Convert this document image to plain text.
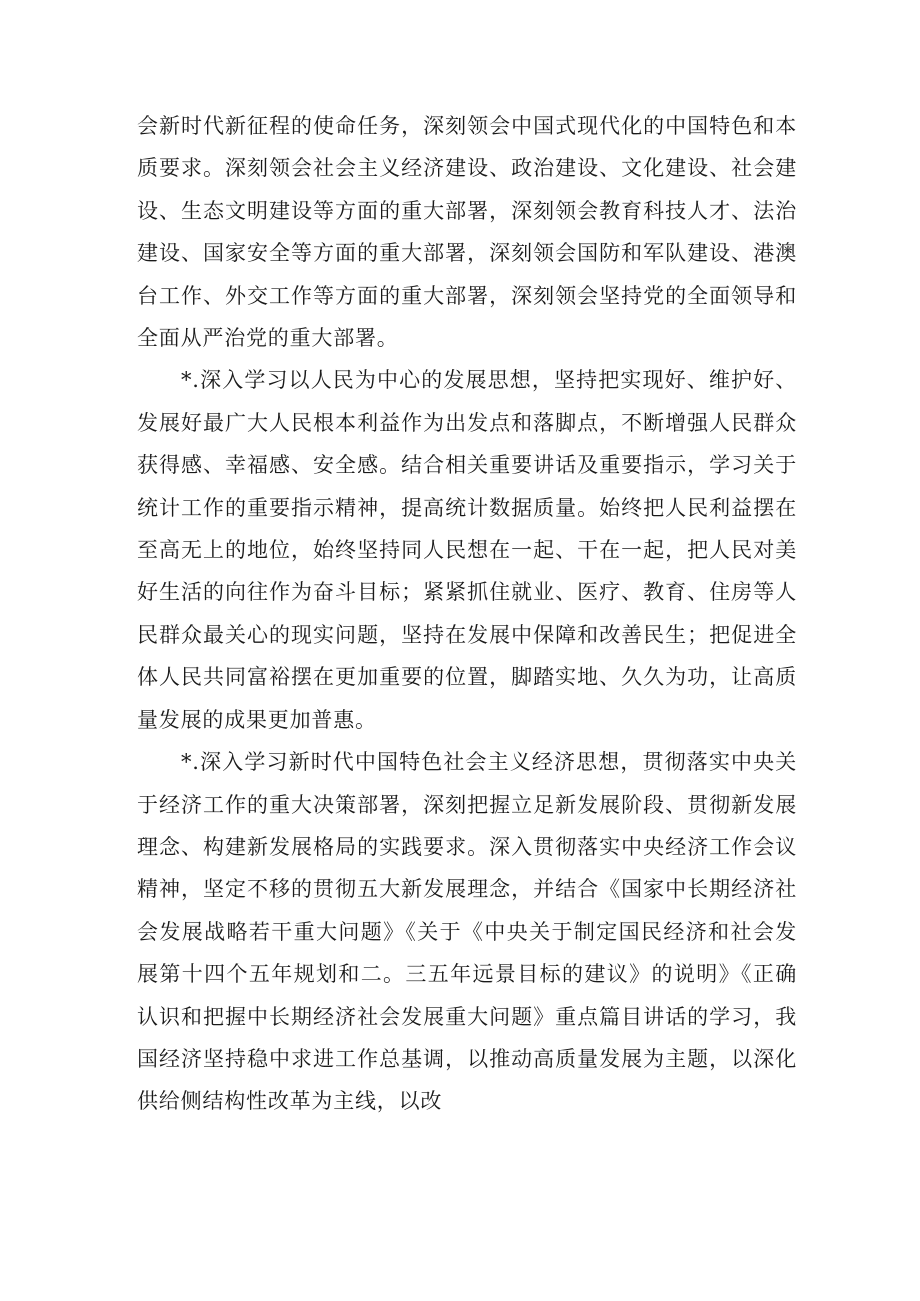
会新时代新征程的使命任务，深刻领会中国式现代化的中国特色和本质要求。深刻领会社会主义经济建设、政治建设、文化建设、社会建设、生态文明建设等方面的重大部署，深刻领会教育科技人才、法治建设、国家安全等方面的重大部署，深刻领会国防和军队建设、港澳台工作、外交工作等方面的重大部署，深刻领会坚持党的全面领导和全面从严治党的重大部署。

*.深入学习以人民为中心的发展思想，坚持把实现好、维护好、发展好最广大人民根本利益作为出发点和落脚点，不断增强人民群众获得感、幸福感、安全感。结合相关重要讲话及重要指示，学习关于统计工作的重要指示精神，提高统计数据质量。始终把人民利益摆在至高无上的地位，始终坚持同人民想在一起、干在一起，把人民对美好生活的向往作为奋斗目标；紧紧抓住就业、医疗、教育、住房等人民群众最关心的现实问题，坚持在发展中保障和改善民生；把促进全体人民共同富裕摆在更加重要的位置，脚踏实地、久久为功，让高质量发展的成果更加普惠。

*.深入学习新时代中国特色社会主义经济思想，贯彻落实中央关于经济工作的重大决策部署，深刻把握立足新发展阶段、贯彻新发展理念、构建新发展格局的实践要求。深入贯彻落实中央经济工作会议精神，坚定不移的贯彻五大新发展理念，并结合《国家中长期经济社会发展战略若干重大问题》《关于《中央关于制定国民经济和社会发展第十四个五年规划和二。三五年远景目标的建议》的说明》《正确认识和把握中长期经济社会发展重大问题》重点篇目讲话的学习，我国经济坚持稳中求进工作总基调，以推动高质量发展为主题，以深化供给侧结构性改革为主线，以改
